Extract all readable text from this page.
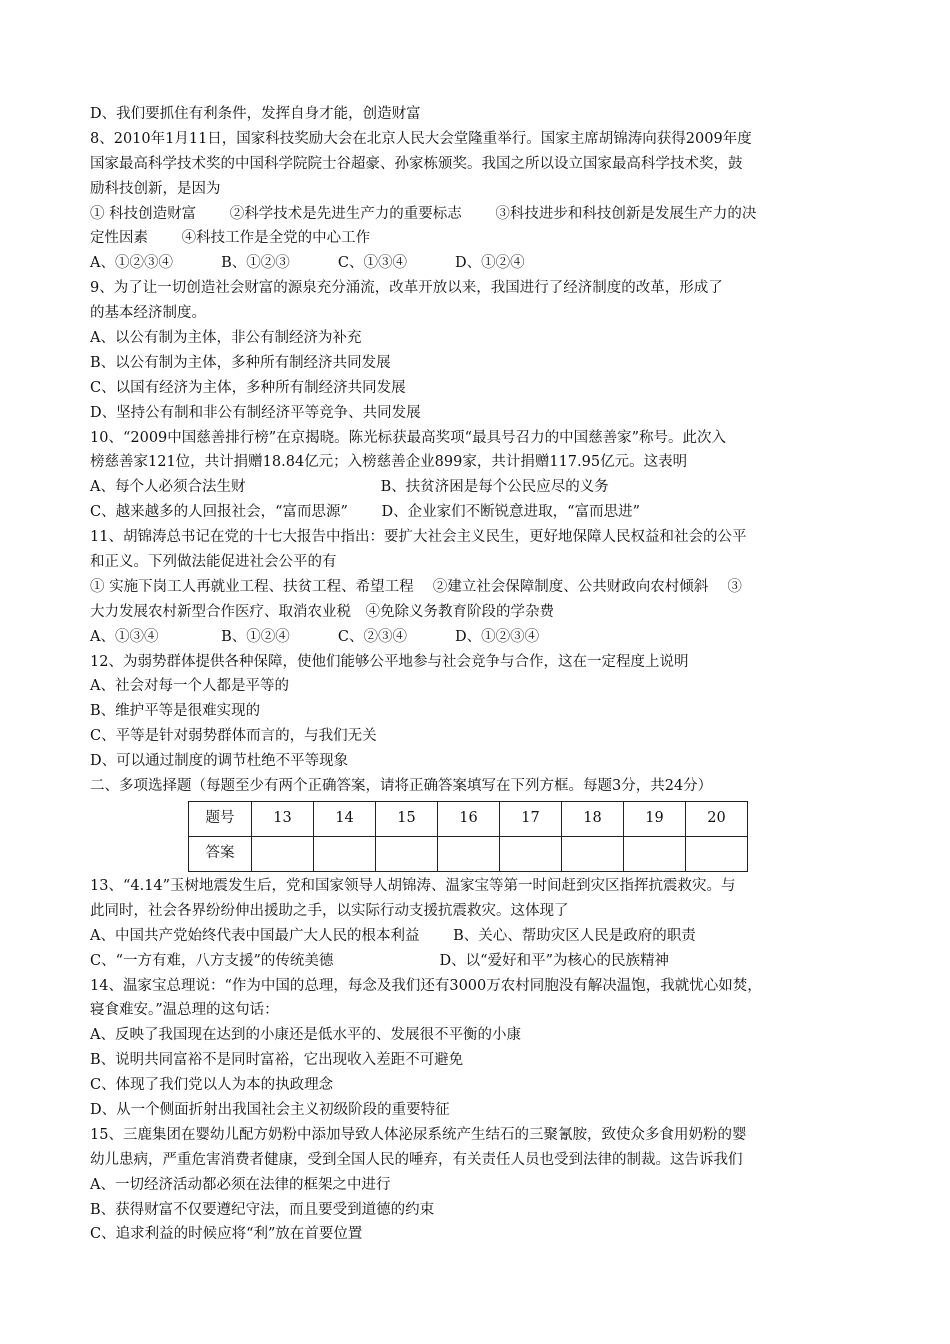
D、我们要抓住有利条件，发挥自身才能，创造财富
8、2010年1月11日，国家科技奖励大会在北京人民大会堂隆重举行。国家主席胡锦涛向获得2009年度
国家最高科学技术奖的中国科学院院士谷超豪、孙家栋颁奖。我国之所以设立国家最高科学技术奖，鼓
励科技创新，是因为
① 科技创造财富　　 ②科学技术是先进生产力的重要标志　　 ③科技进步和科技创新是发展生产力的决
定性因素　　 ④科技工作是全党的中心工作
A、①②③④　　　 B、①②③　　　 C、①③④　　　 D、①②④
9、为了让一切创造社会财富的源泉充分涌流，改革开放以来，我国进行了经济制度的改革，形成了
的基本经济制度。
A、以公有制为主体，非公有制经济为补充
B、以公有制为主体，多种所有制经济共同发展
C、以国有经济为主体，多种所有制经济共同发展
D、坚持公有制和非公有制经济平等竞争、共同发展
10、“2009中国慈善排行榜”在京揭晓。陈光标获最高奖项“最具号召力的中国慈善家”称号。此次入
榜慈善家121位，共计捐赠18.84亿元；入榜慈善企业899家，共计捐赠117.95亿元。这表明
A、每个人必须合法生财　　　　　　　　　 B、扶贫济困是每个公民应尽的义务
C、越来越多的人回报社会，“富而思源”　　 D、企业家们不断锐意进取，“富而思进”
11、胡锦涛总书记在党的十七大报告中指出：要扩大社会主义民生，更好地保障人民权益和社会的公平
和正义。下列做法能促进社会公平的有
① 实施下岗工人再就业工程、扶贫工程、希望工程　 ②建立社会保障制度、公共财政向农村倾斜　 ③
大力发展农村新型合作医疗、取消农业税　④免除义务教育阶段的学杂费
A、①③④　　　　 B、①②④　　　 C、②③④　　　 D、①②③④
12、为弱势群体提供各种保障，使他们能够公平地参与社会竞争与合作，这在一定程度上说明
A、社会对每一个人都是平等的
B、维护平等是很难实现的
C、平等是针对弱势群体而言的，与我们无关
D、可以通过制度的调节杜绝不平等现象
二、多项选择题（每题至少有两个正确答案，请将正确答案填写在下列方框。每题3分，共24分）
题号	13	14	15	16	17	18	19	20
答案								
13、“4.14”玉树地震发生后，党和国家领导人胡锦涛、温家宝等第一时间赶到灾区指挥抗震救灾。与
此同时，社会各界纷纷伸出援助之手，以实际行动支援抗震救灾。这体现了
A、中国共产党始终代表中国最广大人民的根本利益　　 B、关心、帮助灾区人民是政府的职责
C、“一方有难，八方支援”的传统美德　　　　　　　 D、以“爱好和平”为核心的民族精神
14、温家宝总理说：“作为中国的总理，每念及我们还有3000万农村同胞没有解决温饱，我就忧心如焚，
寝食难安。”温总理的这句话：
A、反映了我国现在达到的小康还是低水平的、发展很不平衡的小康
B、说明共同富裕不是同时富裕，它出现收入差距不可避免
C、体现了我们党以人为本的执政理念
D、从一个侧面折射出我国社会主义初级阶段的重要特征
15、三鹿集团在婴幼儿配方奶粉中添加导致人体泌尿系统产生结石的三聚氰胺，致使众多食用奶粉的婴
幼儿患病，严重危害消费者健康，受到全国人民的唾弃，有关责任人员也受到法律的制裁。这告诉我们
A、一切经济活动都必须在法律的框架之中进行
B、获得财富不仅要遵纪守法，而且要受到道德的约束
C、追求利益的时候应将“利”放在首要位置
